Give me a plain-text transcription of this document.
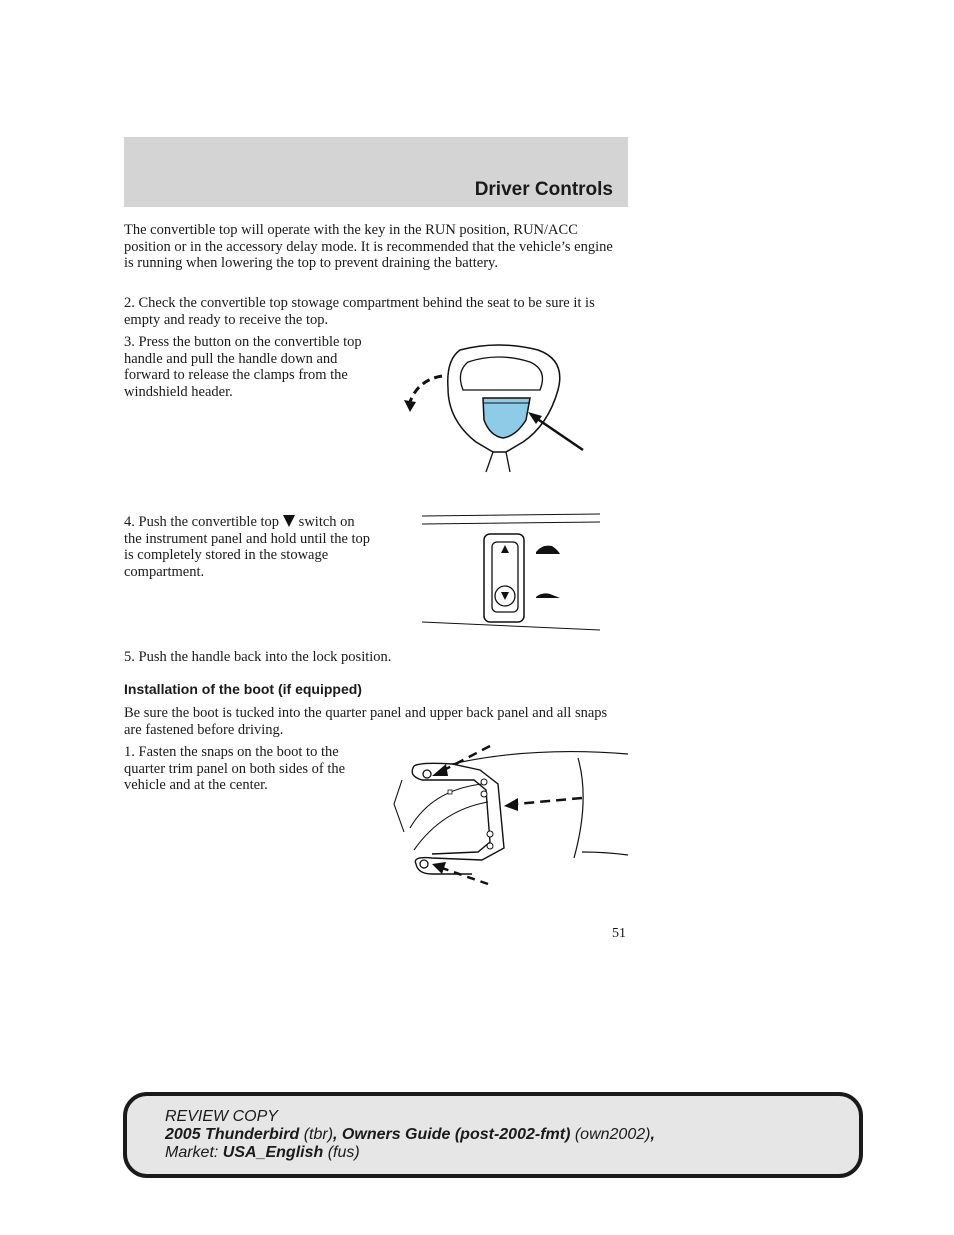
Driver Controls

The convertible top will operate with the key in the RUN position, RUN/ACC position or in the accessory delay mode. It is recommended that the vehicle’s engine is running when lowering the top to prevent draining the battery.

2. Check the convertible top stowage compartment behind the seat to be sure it is empty and ready to receive the top.

3. Press the button on the convertible top handle and pull the handle down and forward to release the clamps from the windshield header.

4. Push the convertible top switch on the instrument panel and hold until the top is completely stored in the stowage compartment.

5. Push the handle back into the lock position.

Installation of the boot (if equipped)

Be sure the boot is tucked into the quarter panel and upper back panel and all snaps are fastened before driving.

1. Fasten the snaps on the boot to the quarter trim panel on both sides of the vehicle and at the center.

51
REVIEW COPY
2005 Thunderbird (tbr), Owners Guide (post-2002-fmt) (own2002),
Market: USA_English (fus)
